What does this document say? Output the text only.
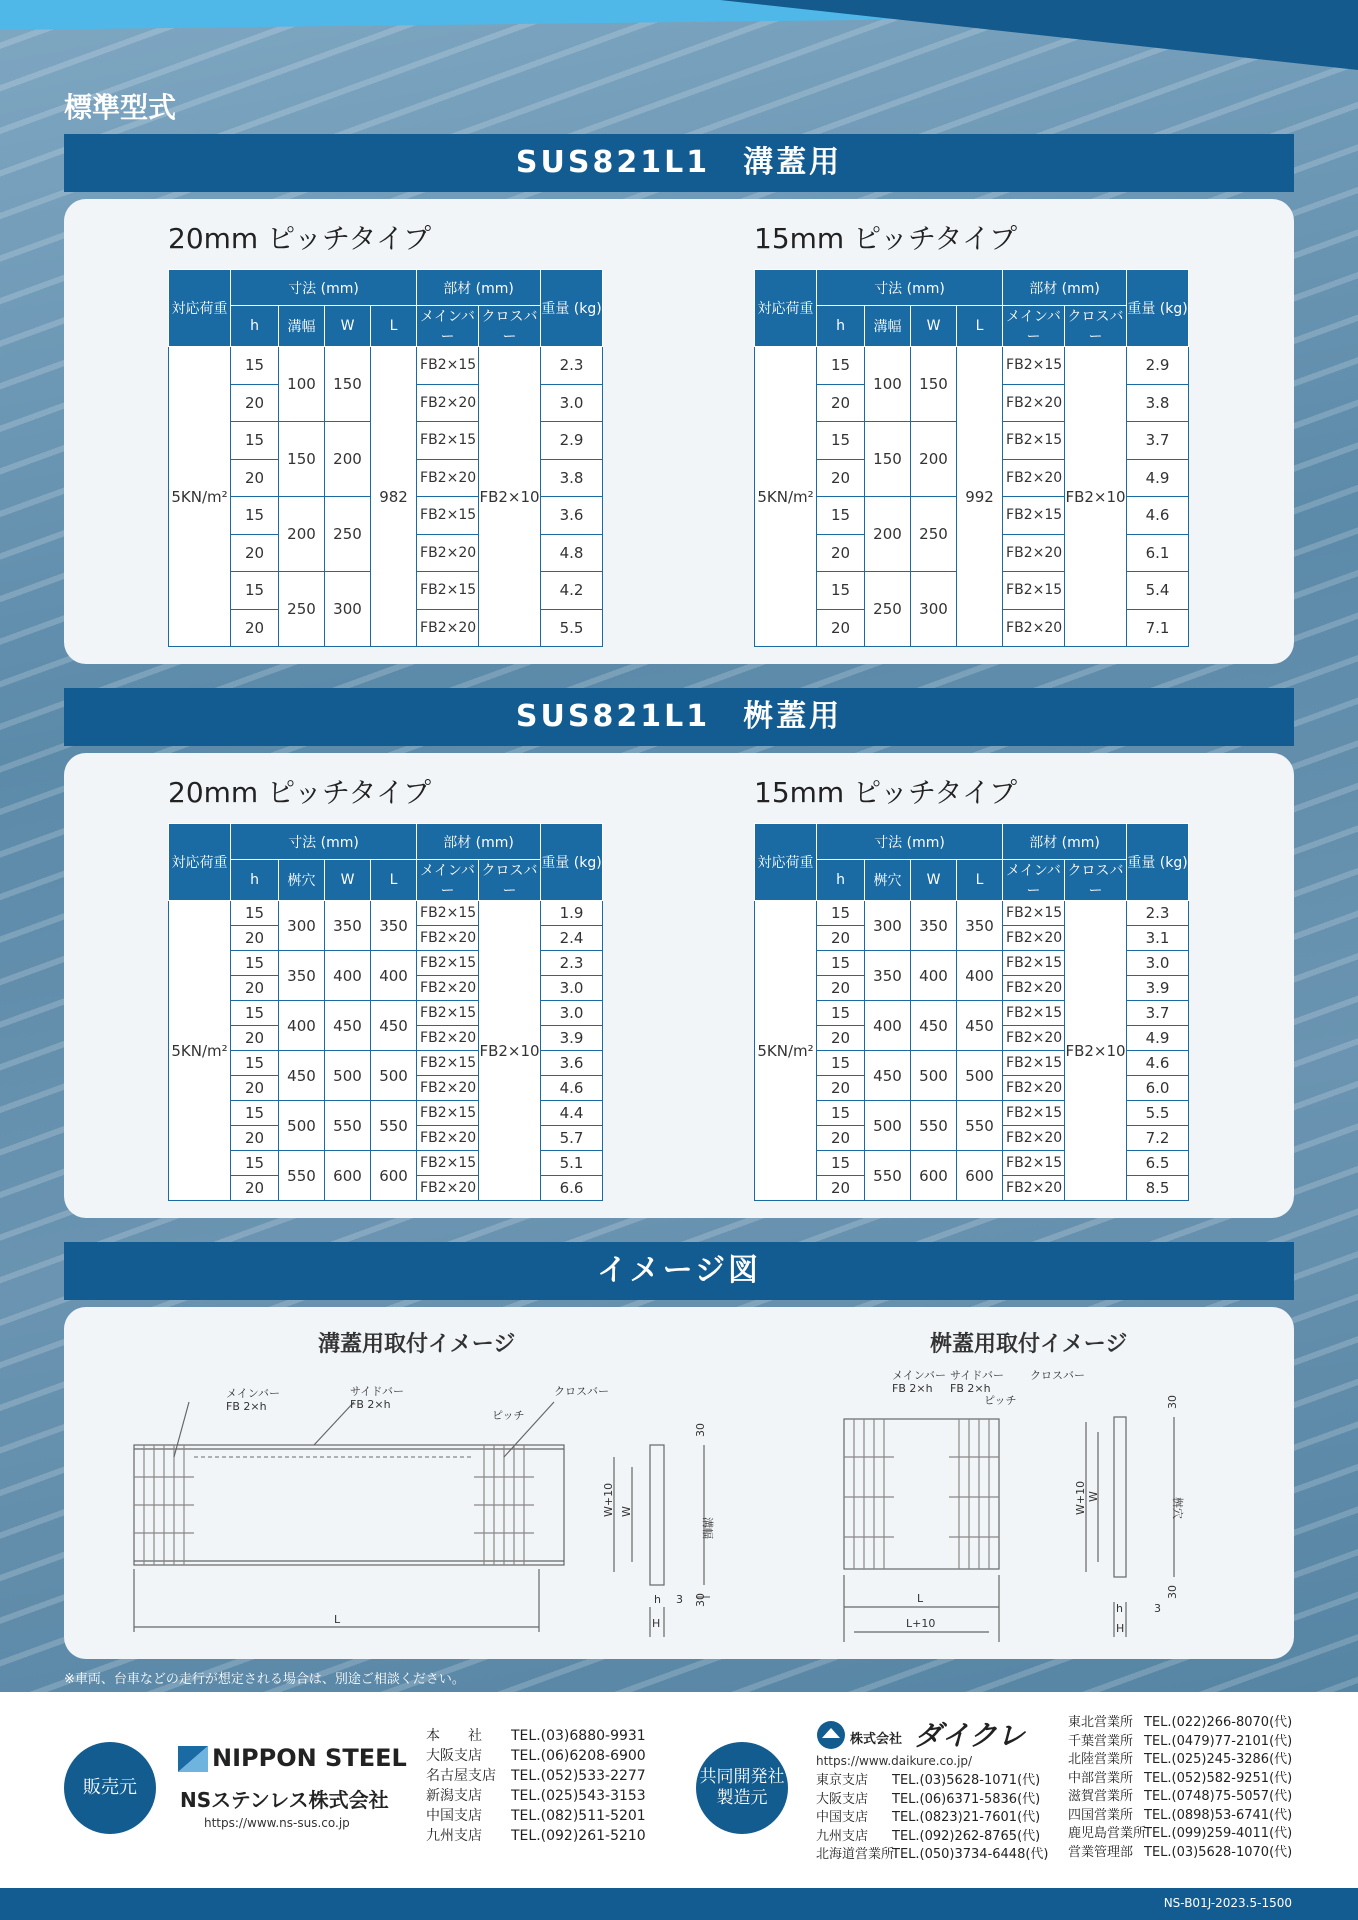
標準型式
SUS821L1　溝蓋用
20mm ピッチタイプ	15mm ピッチタイプ
対応荷重	寸法 (mm)				部材 (mm)		重量 (kg)
	h	溝幅	W	L	メインバー	クロスバー	
5KN/m²	15	100	150	982	FB2×15	FB2×10	2.3
	20				FB2×20		3.0
	15	150	200		FB2×15		2.9
	20				FB2×20		3.8
	15	200	250		FB2×15		3.6
	20				FB2×20		4.8
	15	250	300		FB2×15		4.2
	20				FB2×20		5.5
対応荷重	寸法 (mm)				部材 (mm)		重量 (kg)
	h	溝幅	W	L	メインバー	クロスバー	
5KN/m²	15	100	150	992	FB2×15	FB2×10	2.9
	20				FB2×20		3.8
	15	150	200		FB2×15		3.7
	20				FB2×20		4.9
	15	200	250		FB2×15		4.6
	20				FB2×20		6.1
	15	250	300		FB2×15		5.4
	20				FB2×20		7.1
SUS821L1　桝蓋用
20mm ピッチタイプ	15mm ピッチタイプ
対応荷重	寸法 (mm)				部材 (mm)		重量 (kg)
	h	桝穴	W	L	メインバー	クロスバー	
5KN/m²	15	300	350	350	FB2×15	FB2×10	1.9
	20				FB2×20		2.4
	15	350	400	400	FB2×15		2.3
	20				FB2×20		3.0
	15	400	450	450	FB2×15		3.0
	20				FB2×20		3.9
	15	450	500	500	FB2×15		3.6
	20				FB2×20		4.6
	15	500	550	550	FB2×15		4.4
	20				FB2×20		5.7
	15	550	600	600	FB2×15		5.1
	20				FB2×20		6.6
対応荷重	寸法 (mm)				部材 (mm)		重量 (kg)
	h	桝穴	W	L	メインバー	クロスバー	
5KN/m²	15	300	350	350	FB2×15	FB2×10	2.3
	20				FB2×20		3.1
	15	350	400	400	FB2×15		3.0
	20				FB2×20		3.9
	15	400	450	450	FB2×15		3.7
	20				FB2×20		4.9
	15	450	500	500	FB2×15		4.6
	20				FB2×20		6.0
	15	500	550	550	FB2×15		5.5
	20				FB2×20		7.2
	15	550	600	600	FB2×15		6.5
	20				FB2×20		8.5
イメージ図
溝蓋用取付イメージ	桝蓋用取付イメージ
メインバー
FB 2×h
サイドバー
FB 2×h
ピッチ
クロスバー
L
W+10 W
溝幅
30
30
h 3
H
メインバー
FB 2×h
サイドバー
FB 2×h
ピッチ
クロスバー
L
L+10
W+10 W
桝穴
30
30
h	3
H
※車両、台車などの走行が想定される場合は、別途ご相談ください。
販売元
NIPPON STEEL
NSステンレス株式会社
https://www.ns-sus.co.jp
本　　社 TEL.(03)6880-9931
大阪支店 TEL.(06)6208-6900
名古屋支店 TEL.(052)533-2277
新潟支店 TEL.(025)543-3153
中国支店 TEL.(082)511-5201
九州支店 TEL.(092)261-5210
共同開発社 製造元
株式会社 ダイクレ
https://www.daikure.co.jp/
東京支店 TEL.(03)5628-1071(代)
大阪支店 TEL.(06)6371-5836(代)
中国支店 TEL.(0823)21-7601(代)
九州支店 TEL.(092)262-8765(代)
北海道営業所TEL.(050)3734-6448(代)
東北営業所 TEL.(022)266-8070(代)
千葉営業所 TEL.(0479)77-2101(代)
北陸営業所 TEL.(025)245-3286(代)
中部営業所 TEL.(052)582-9251(代)
滋賀営業所 TEL.(0748)75-5057(代)
四国営業所 TEL.(0898)53-6741(代)
鹿児島営業所TEL.(099)259-4011(代)
営業管理部 TEL.(03)5628-1070(代)
NS-B01J-2023.5-1500
